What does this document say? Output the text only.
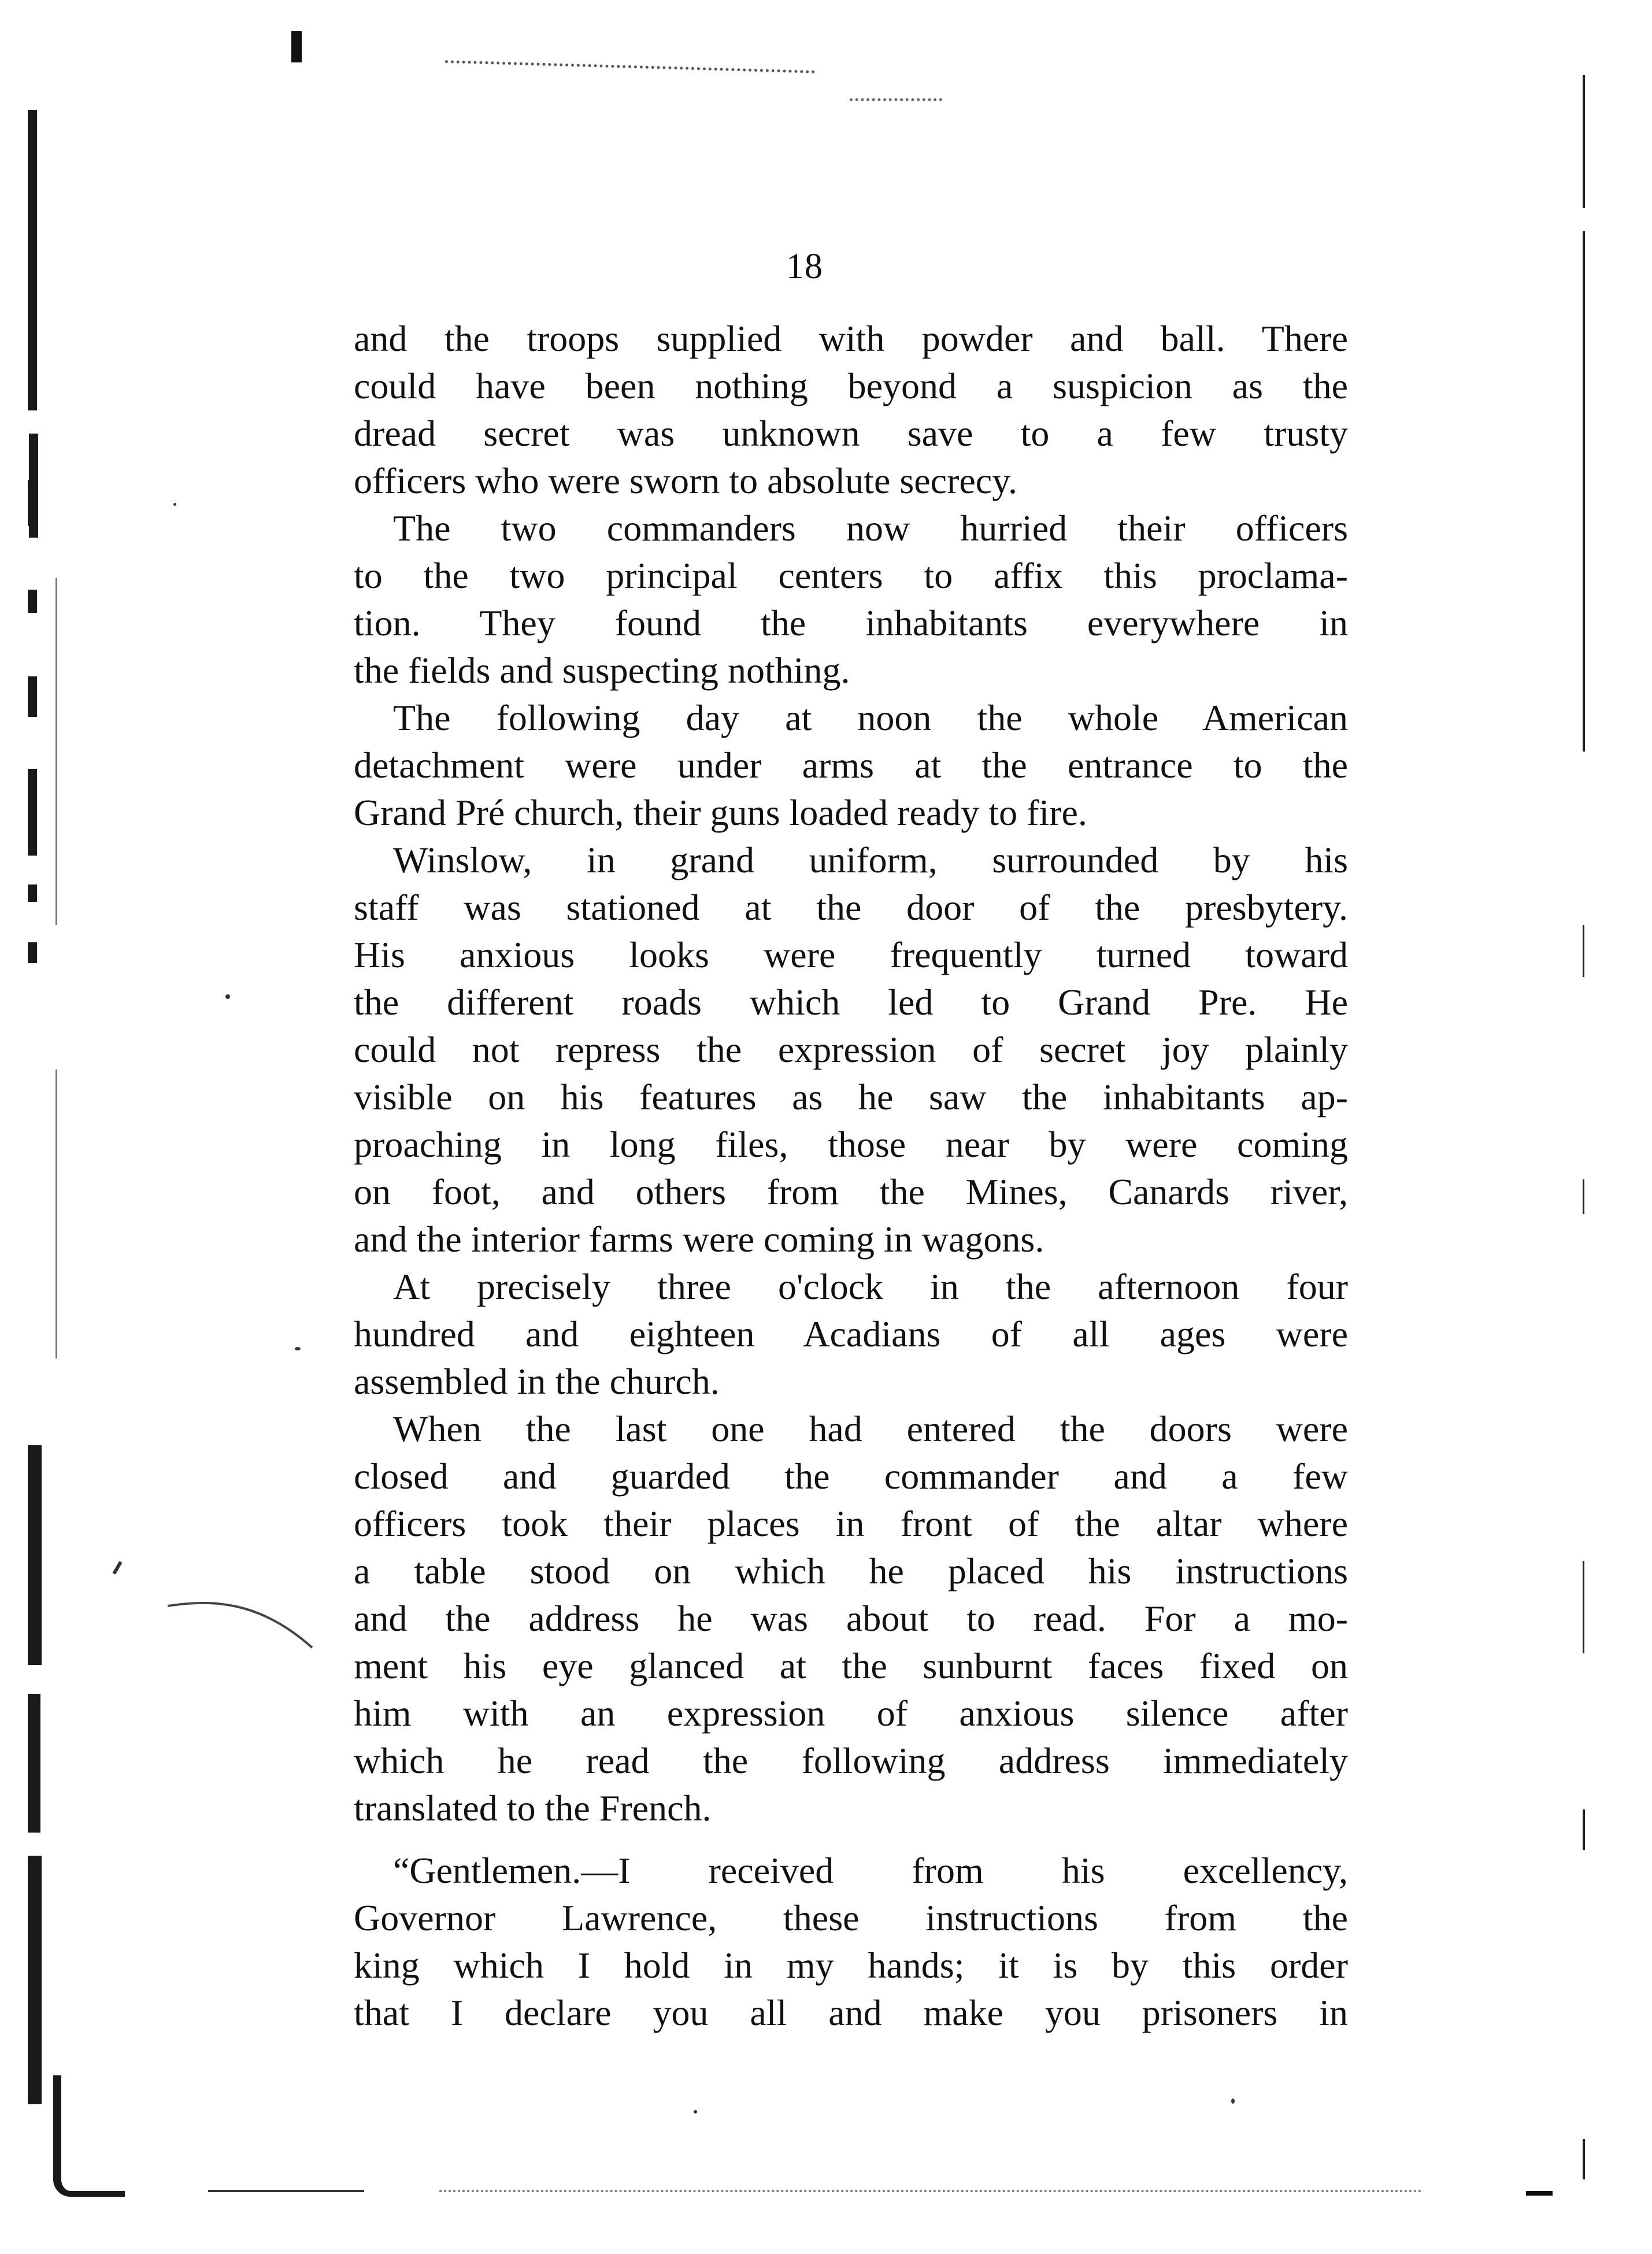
18
and the troops supplied with powder and ball. There
could have been nothing beyond a suspicion as the
dread secret was unknown save to a few trusty
officers who were sworn to absolute secrecy.
The two commanders now hurried their officers
to the two principal centers to affix this proclama-
tion. They found the inhabitants everywhere in
the fields and suspecting nothing.
The following day at noon the whole American
detachment were under arms at the entrance to the
Grand Pré church, their guns loaded ready to fire.
Winslow, in grand uniform, surrounded by his
staff was stationed at the door of the presbytery.
His anxious looks were frequently turned toward
the different roads which led to Grand Pre. He
could not repress the expression of secret joy plainly
visible on his features as he saw the inhabitants ap-
proaching in long files, those near by were coming
on foot, and others from the Mines, Canards river,
and the interior farms were coming in wagons.
At precisely three o'clock in the afternoon four
hundred and eighteen Acadians of all ages were
assembled in the church.
When the last one had entered the doors were
closed and guarded the commander and a few
officers took their places in front of the altar where
a table stood on which he placed his instructions
and the address he was about to read. For a mo-
ment his eye glanced at the sunburnt faces fixed on
him with an expression of anxious silence after
which he read the following address immediately
translated to the French.
“Gentlemen.—I received from his excellency,
Governor Lawrence, these instructions from the
king which I hold in my hands; it is by this order
that I declare you all and make you prisoners in
